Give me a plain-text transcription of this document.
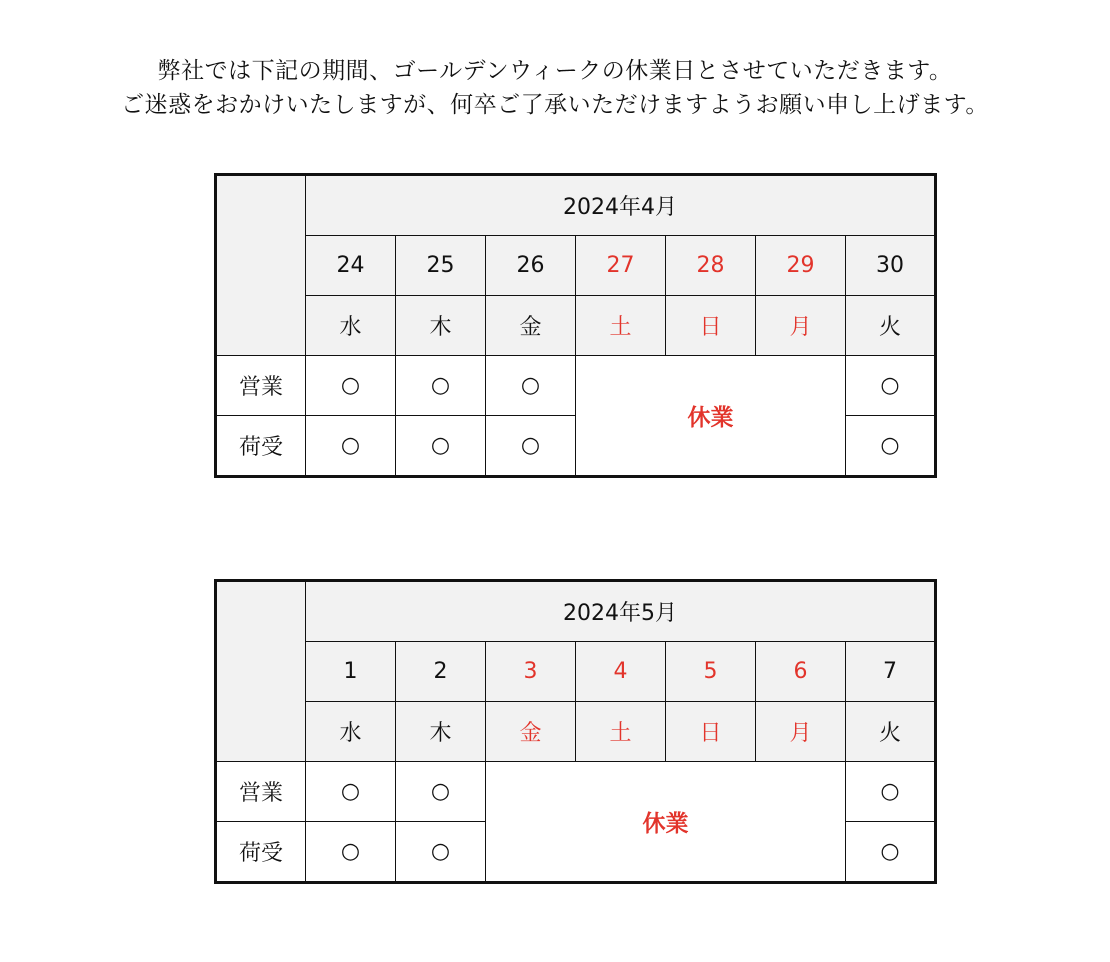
弊社では下記の期間、ゴールデンウィークの休業日とさせていただきます。
ご迷惑をおかけいたしますが、何卒ご了承いただけますようお願い申し上げます。
	2024年4月						
	24	25	26	27	28	29	30
	水	木	金	土	日	月	火
営業	○	○	○	休業			○
荷受	○	○	○				○
	2024年5月						
	1	2	3	4	5	6	7
	水	木	金	土	日	月	火
営業	○	○	休業				○
荷受	○	○					○
